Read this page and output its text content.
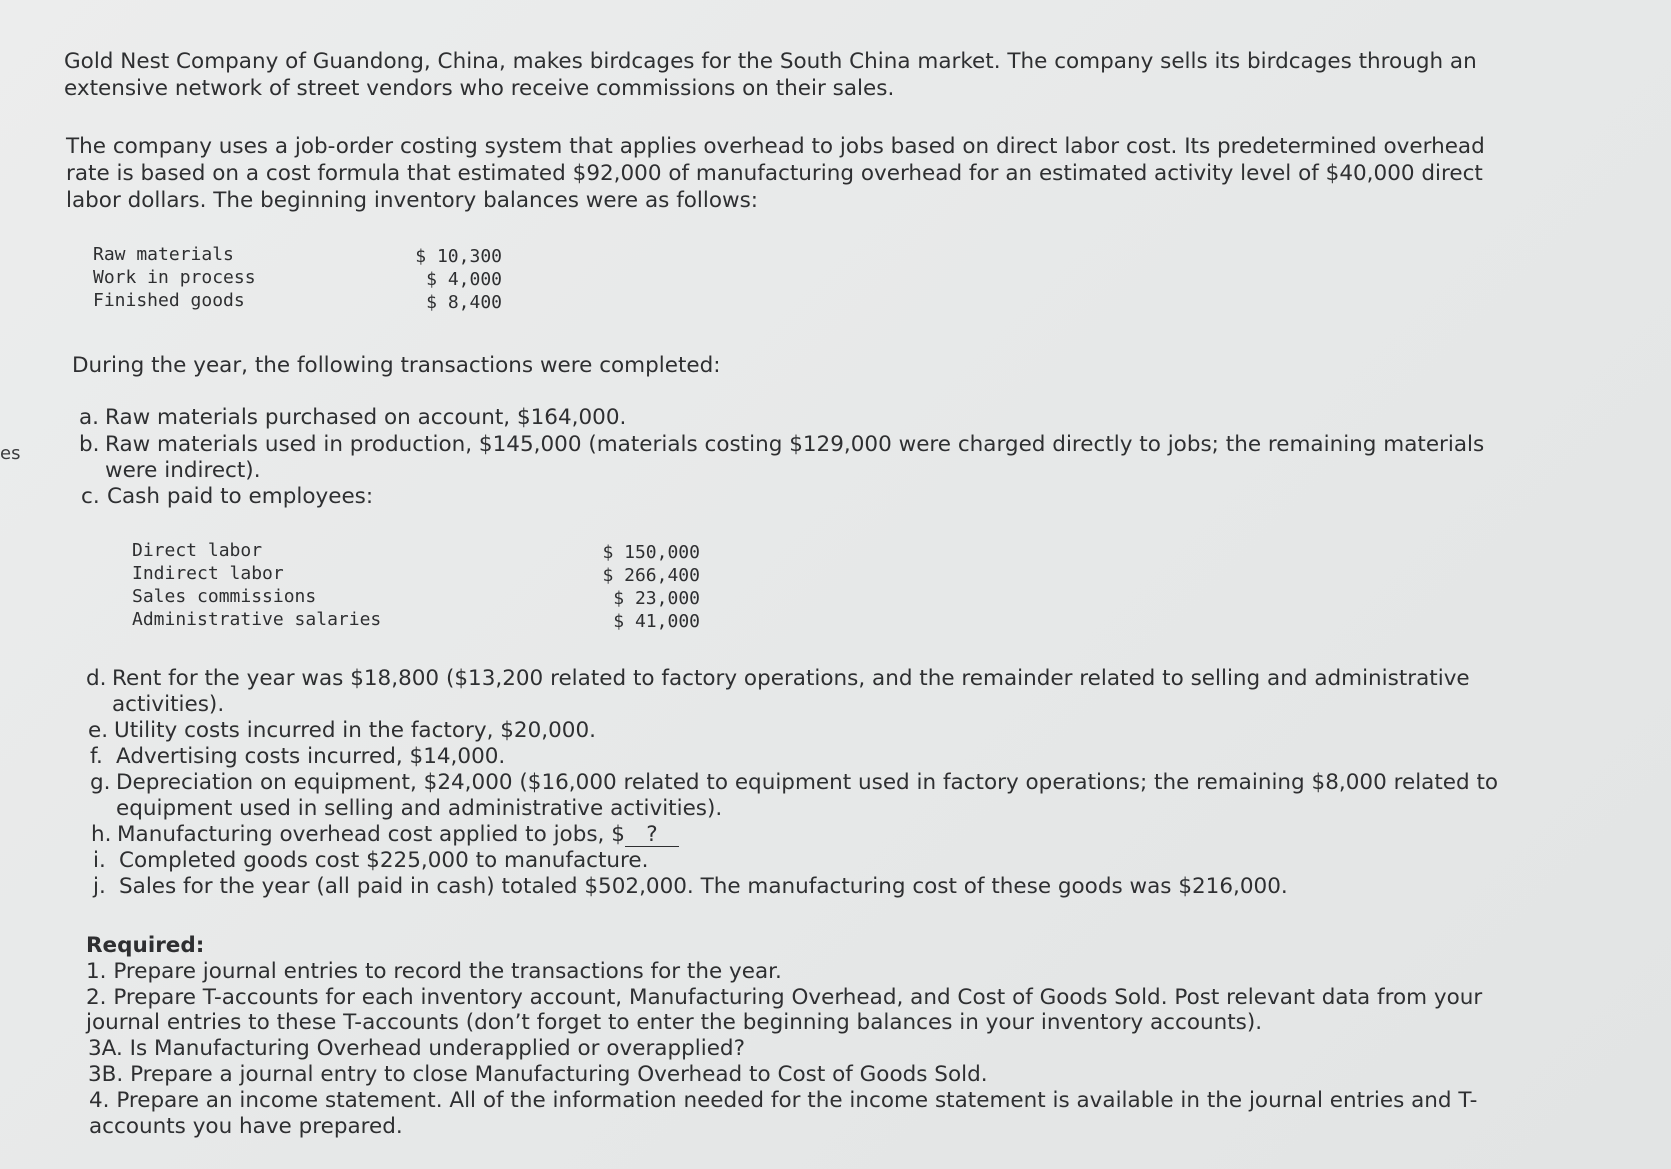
es

Gold Nest Company of Guandong, China, makes birdcages for the South China market. The company sells its birdcages through an extensive network of street vendors who receive commissions on their sales.

The company uses a job-order costing system that applies overhead to jobs based on direct labor cost. Its predetermined overhead rate is based on a cost formula that estimated $92,000 of manufacturing overhead for an estimated activity level of $40,000 direct labor dollars. The beginning inventory balances were as follows:

Raw materials	$ 10,300
Work in process	$ 4,000
Finished goods	$ 8,400

During the year, the following transactions were completed:

a. Raw materials purchased on account, $164,000.
b. Raw materials used in production, $145,000 (materials costing $129,000 were charged directly to jobs; the remaining materials
were indirect).
c. Cash paid to employees:
Direct labor	$ 150,000
Indirect labor	$ 266,400
Sales commissions	$ 23,000
Administrative salaries	$ 41,000
d. Rent for the year was $18,800 ($13,200 related to factory operations, and the remainder related to selling and administrative
activities).
e. Utility costs incurred in the factory, $20,000.
f. Advertising costs incurred, $14,000.
g. Depreciation on equipment, $24,000 ($16,000 related to equipment used in factory operations; the remaining $8,000 related to
equipment used in selling and administrative activities).
h. Manufacturing overhead cost applied to jobs, $ ?
i. Completed goods cost $225,000 to manufacture.
j. Sales for the year (all paid in cash) totaled $502,000. The manufacturing cost of these goods was $216,000.
Required:
1. Prepare journal entries to record the transactions for the year.
2. Prepare T-accounts for each inventory account, Manufacturing Overhead, and Cost of Goods Sold. Post relevant data from your
journal entries to these T-accounts (don’t forget to enter the beginning balances in your inventory accounts).
3A. Is Manufacturing Overhead underapplied or overapplied?
3B. Prepare a journal entry to close Manufacturing Overhead to Cost of Goods Sold.
4. Prepare an income statement. All of the information needed for the income statement is available in the journal entries and T-
accounts you have prepared.
